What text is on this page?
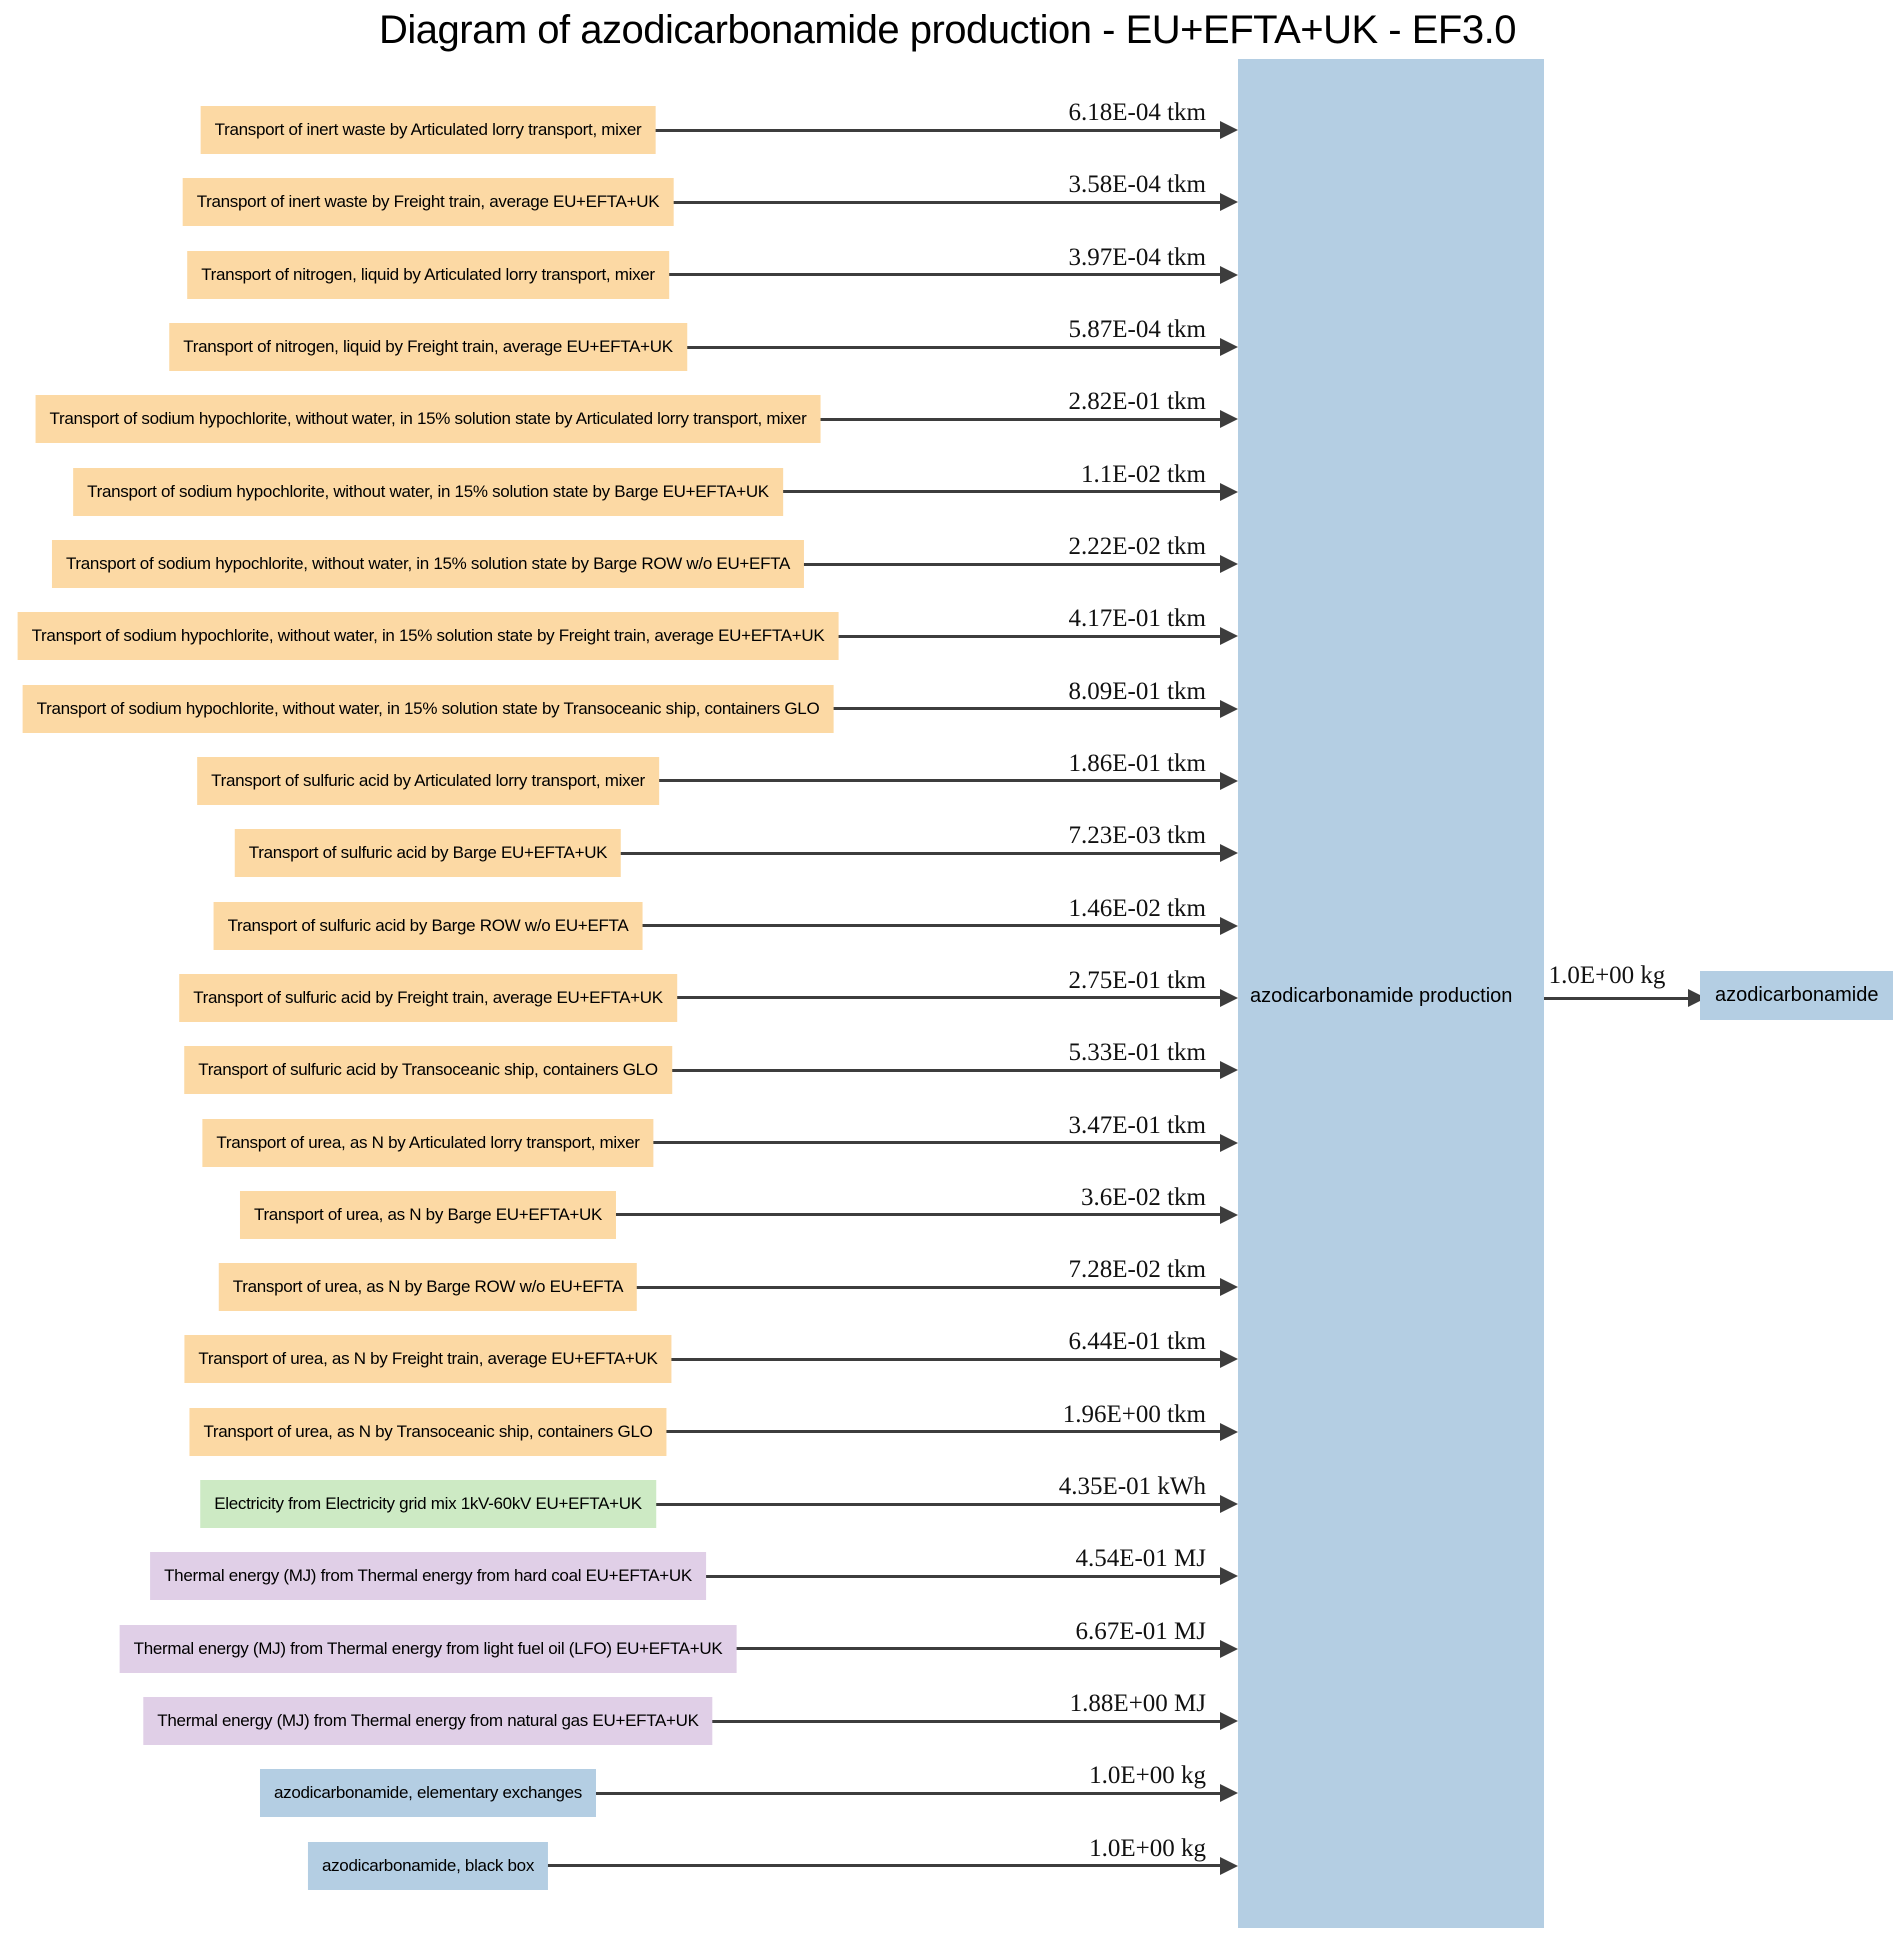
Diagram of azodicarbonamide production - EU+EFTA+UK - EF3.0
6.18E-04 tkm
Transport of inert waste by Articulated lorry transport, mixer
3.58E-04 tkm
Transport of inert waste by Freight train, average EU+EFTA+UK
3.97E-04 tkm
Transport of nitrogen, liquid by Articulated lorry transport, mixer
5.87E-04 tkm
Transport of nitrogen, liquid by Freight train, average EU+EFTA+UK
2.82E-01 tkm
Transport of sodium hypochlorite, without water, in 15% solution state by Articulated lorry transport, mixer
1.1E-02 tkm
Transport of sodium hypochlorite, without water, in 15% solution state by Barge EU+EFTA+UK
2.22E-02 tkm
Transport of sodium hypochlorite, without water, in 15% solution state by Barge ROW w/o EU+EFTA
4.17E-01 tkm
Transport of sodium hypochlorite, without water, in 15% solution state by Freight train, average EU+EFTA+UK
8.09E-01 tkm
Transport of sodium hypochlorite, without water, in 15% solution state by Transoceanic ship, containers GLO
1.86E-01 tkm
Transport of sulfuric acid by Articulated lorry transport, mixer
7.23E-03 tkm
Transport of sulfuric acid by Barge EU+EFTA+UK
1.46E-02 tkm
Transport of sulfuric acid by Barge ROW w/o EU+EFTA
2.75E-01 tkm
Transport of sulfuric acid by Freight train, average EU+EFTA+UK
5.33E-01 tkm
Transport of sulfuric acid by Transoceanic ship, containers GLO
3.47E-01 tkm
Transport of urea, as N by Articulated lorry transport, mixer
3.6E-02 tkm
Transport of urea, as N by Barge EU+EFTA+UK
7.28E-02 tkm
Transport of urea, as N by Barge ROW w/o EU+EFTA
6.44E-01 tkm
Transport of urea, as N by Freight train, average EU+EFTA+UK
1.96E+00 tkm
Transport of urea, as N by Transoceanic ship, containers GLO
4.35E-01 kWh
Electricity from Electricity grid mix 1kV-60kV EU+EFTA+UK
4.54E-01 MJ
Thermal energy (MJ) from Thermal energy from hard coal EU+EFTA+UK
6.67E-01 MJ
Thermal energy (MJ) from Thermal energy from light fuel oil (LFO) EU+EFTA+UK
1.88E+00 MJ
Thermal energy (MJ) from Thermal energy from natural gas EU+EFTA+UK
1.0E+00 kg
azodicarbonamide, elementary exchanges
1.0E+00 kg
azodicarbonamide, black box
azodicarbonamide production
1.0E+00 kg
azodicarbonamide
